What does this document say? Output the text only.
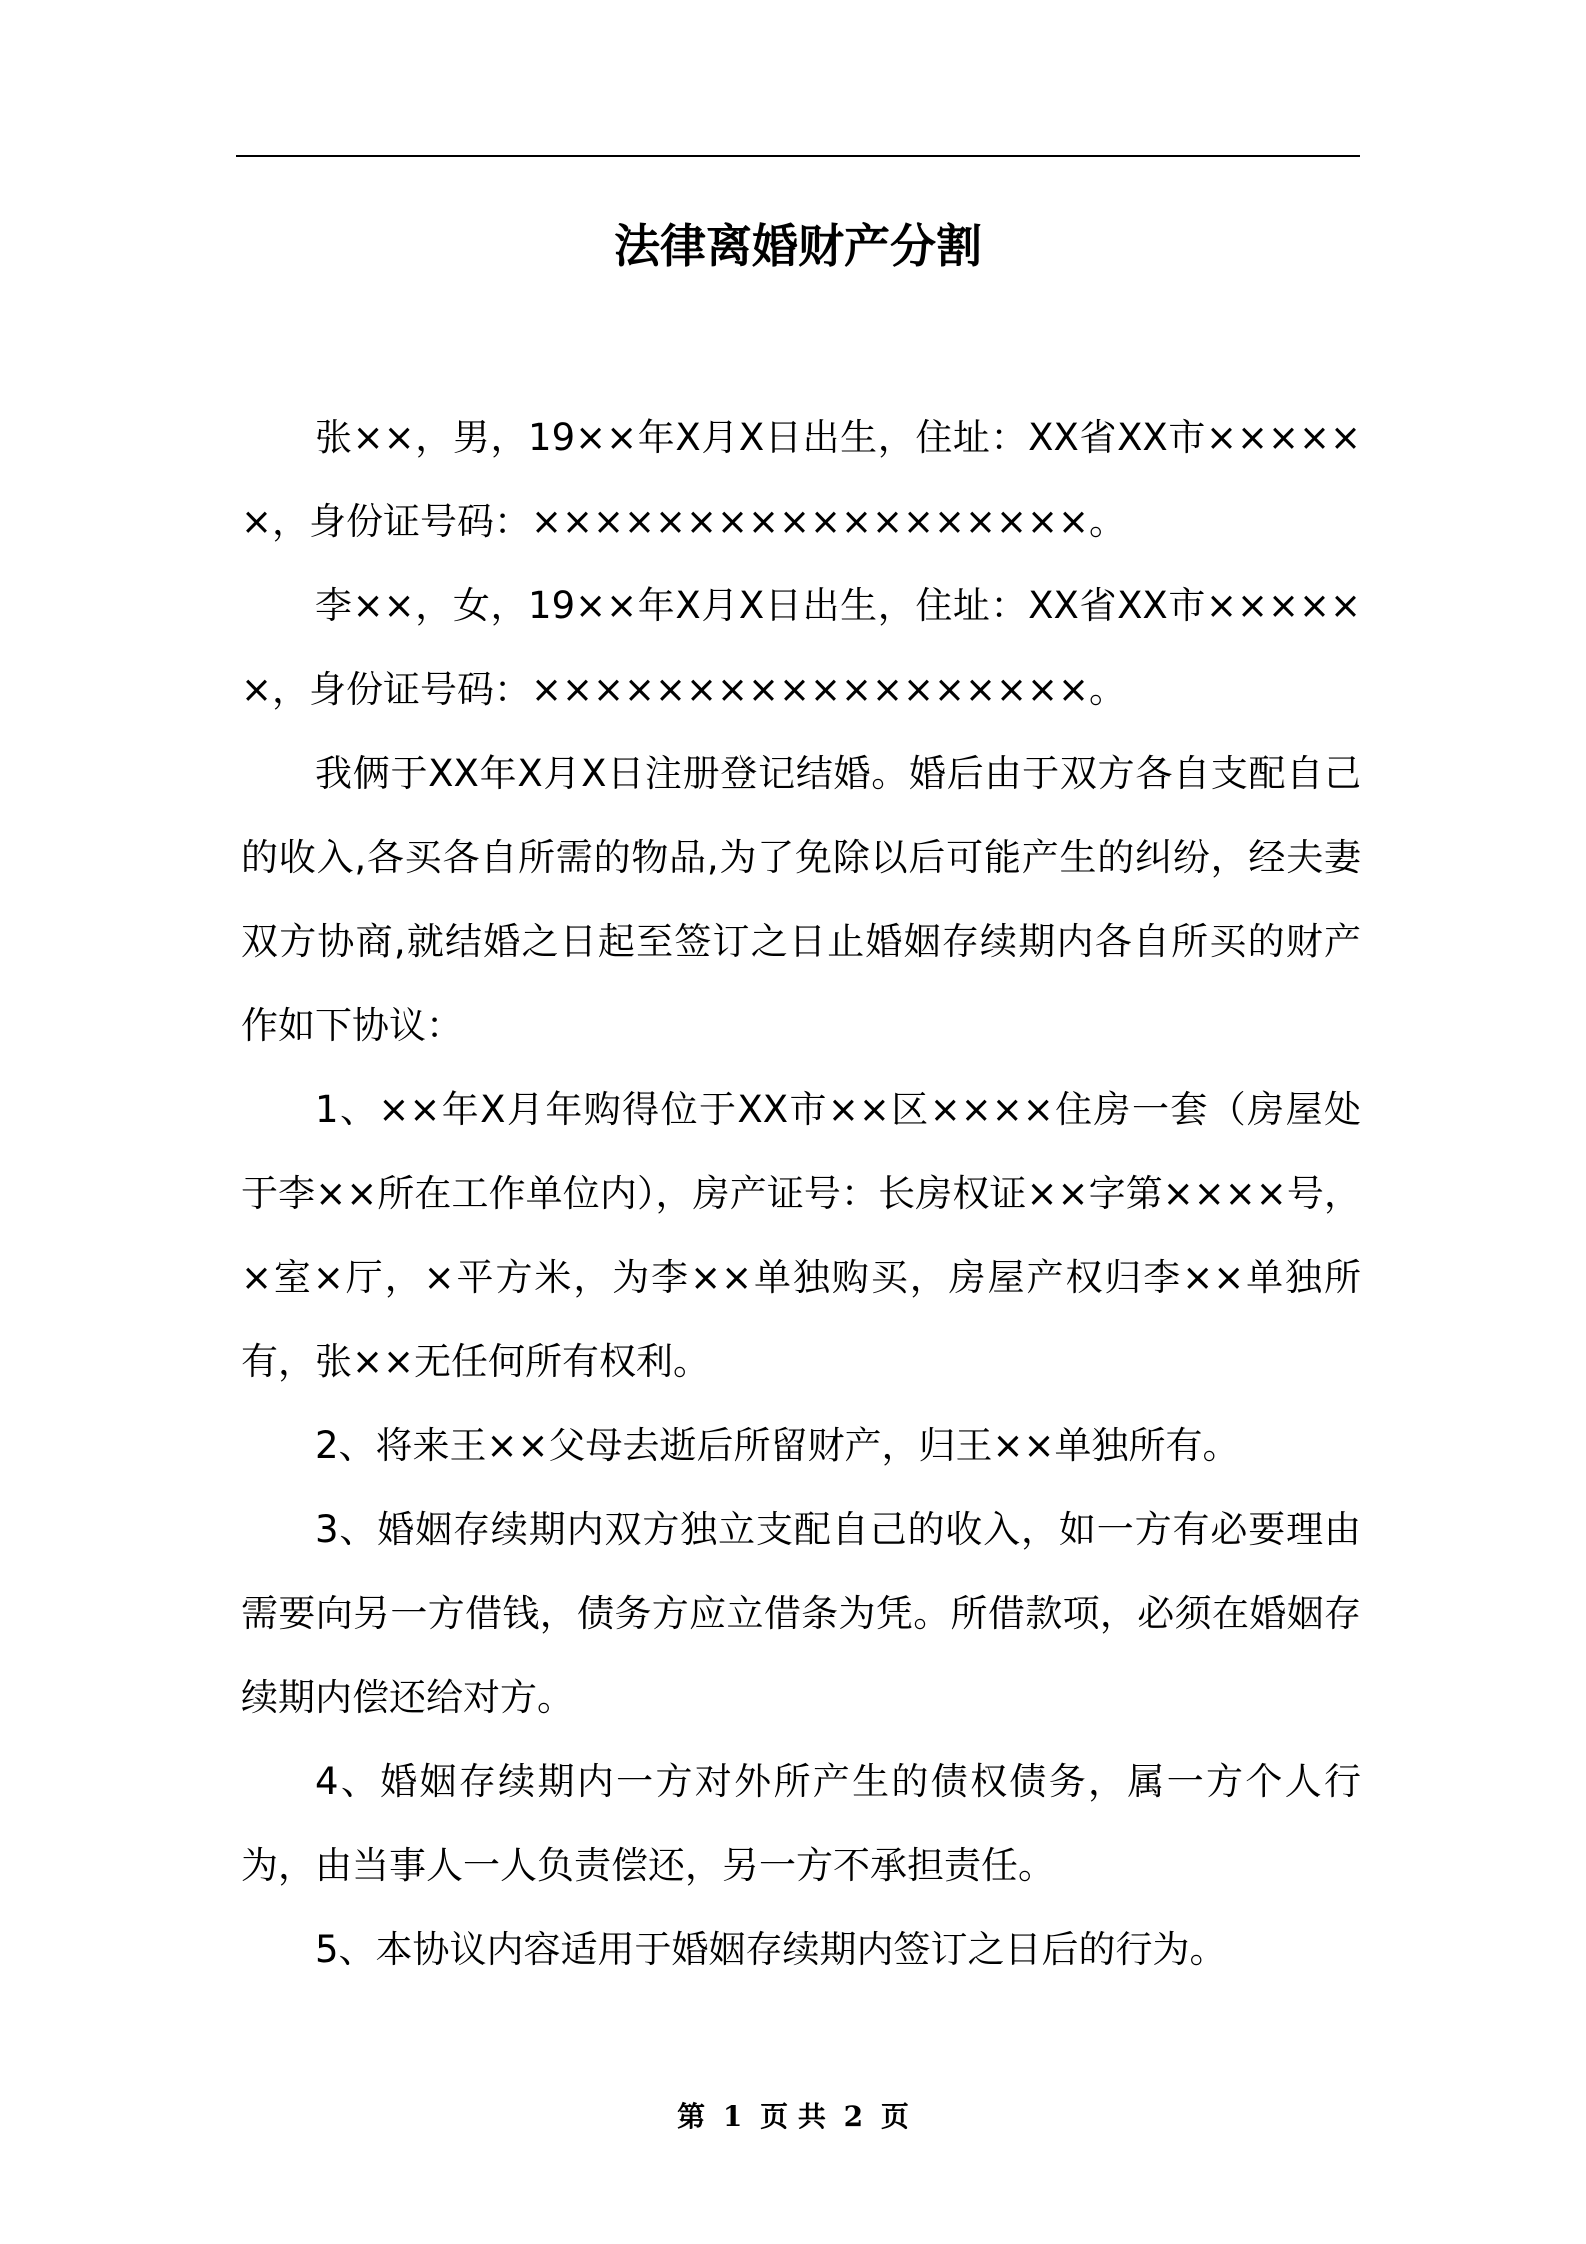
法律离婚财产分割

张××，男，19××年X月X日出生，住址：XX省XX市××××××，身份证号码：××××××××××××××××××。

李××，女，19××年X月X日出生，住址：XX省XX市××××××，身份证号码：××××××××××××××××××。

我俩于XX年X月X日注册登记结婚。婚后由于双方各自支配自己的收入,各买各自所需的物品,为了免除以后可能产生的纠纷，经夫妻双方协商,就结婚之日起至签订之日止婚姻存续期内各自所买的财产作如下协议：

1、××年X月年购得位于XX市××区××××住房一套（房屋处于李××所在工作单位内），房产证号：长房权证××字第××××号，×室×厅，×平方米，为李××单独购买，房屋产权归李××单独所有，张××无任何所有权利。

2、将来王××父母去逝后所留财产，归王××单独所有。

3、婚姻存续期内双方独立支配自己的收入，如一方有必要理由需要向另一方借钱，债务方应立借条为凭。所借款项，必须在婚姻存续期内偿还给对方。

4、婚姻存续期内一方对外所产生的债权债务，属一方个人行为，由当事人一人负责偿还，另一方不承担责任。

5、本协议内容适用于婚姻存续期内签订之日后的行为。

第 1 页 共 2 页
